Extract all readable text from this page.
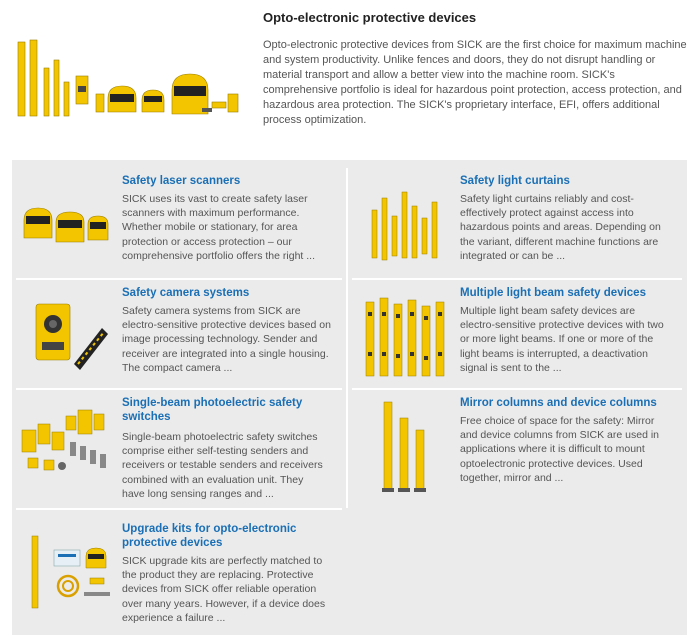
Opto-electronic protective devices

Opto-electronic protective devices from SICK are the first choice for maximum machine
and system productivity. Unlike fences and doors, they do not disrupt handling or
material transport and allow a better view into the machine room. SICK's
comprehensive portfolio is ideal for hazardous point protection, access protection, and
hazardous area protection. The SICK's proprietary interface, EFI, offers additional
process optimization.

Safety laser scanners

SICK uses its vast to create safety laser
scanners with maximum performance.
Whether mobile or stationary, for area
protection or access protection – our
comprehensive portfolio offers the right ...

Safety light curtains

Safety light curtains reliably and cost-
effectively protect against access into
hazardous points and areas. Depending on
the variant, different machine functions are
integrated or can be ...

Safety camera systems

Safety camera systems from SICK are
electro-sensitive protective devices based on
image processing technology. Sender and
receiver are integrated into a single housing.
The compact camera ...

Multiple light beam safety devices

Multiple light beam safety devices are
electro-sensitive protective devices with two
or more light beams. If one or more of the
light beams is interrupted, a deactivation
signal is sent to the ...

Single-beam photoelectric safety
switches

Single-beam photoelectric safety switches
comprise either self-testing senders and
receivers or testable senders and receivers
combined with an evaluation unit. They
have long sensing ranges and ...

Mirror columns and device columns

Free choice of space for the safety: Mirror
and device columns from SICK are used in
applications where it is difficult to mount
optoelectronic protective devices. Used
together, mirror and ...

Upgrade kits for opto-electronic
protective devices

SICK upgrade kits are perfectly matched to
the product they are replacing. Protective
devices from SICK offer reliable operation
over many years. However, if a device does
experience a failure ...
